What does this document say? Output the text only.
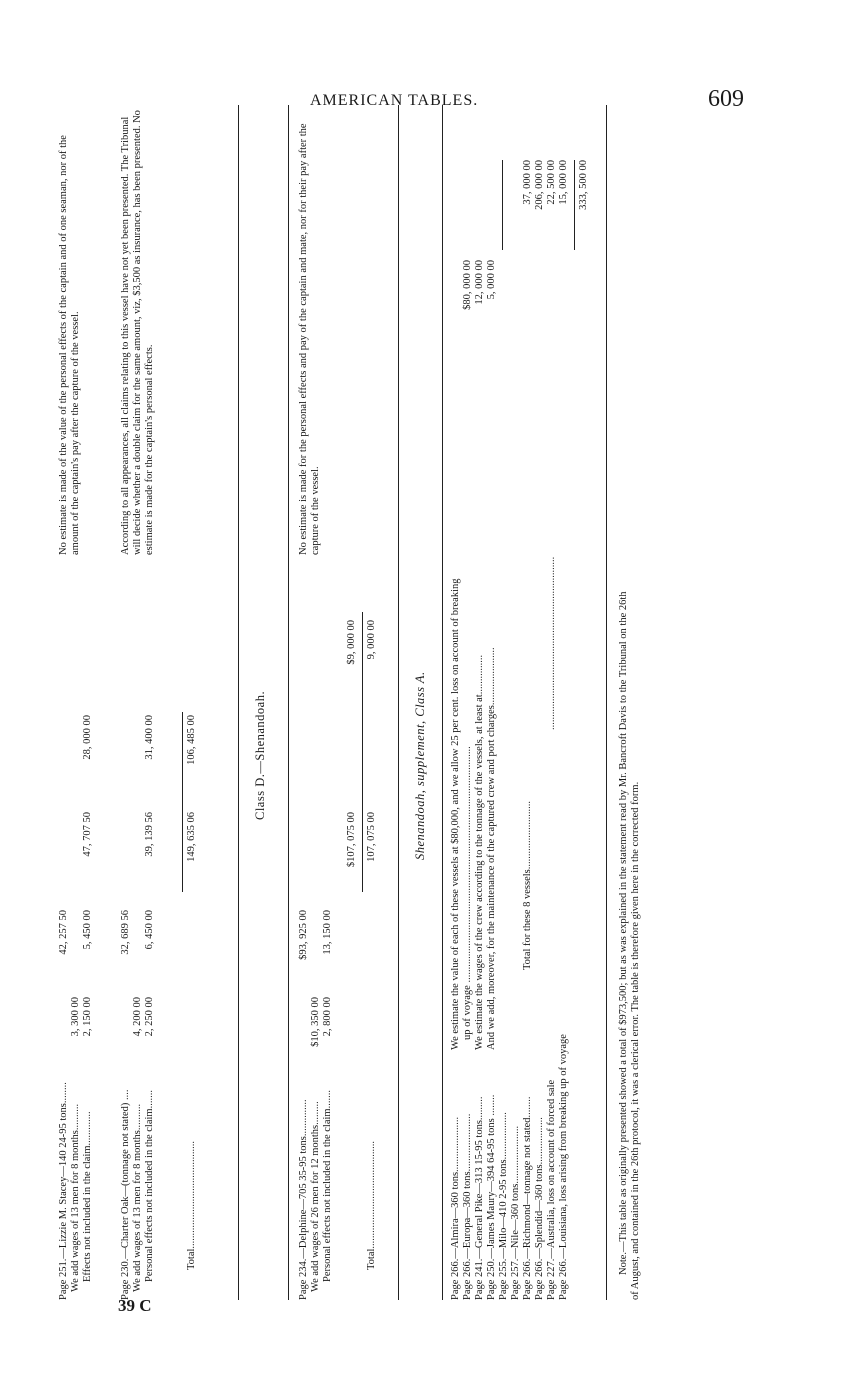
AMERICAN TABLES.	609
39 C
Page 251.—Lizzie M. Stacey—140 24-95 tons........ We add wages of 13 men for 8 months.......... Effects not included in the claim.............
3, 300 00 2, 150 00
42, 257 50 5, 450 00
47, 707 50
28, 000 00
No estimate is made of the value of the personal effects of the captain and of one seaman, nor of the amount of the captain's pay after the capture of the vessel.
Page 230.—Charter Oak—(tonnage not stated) .... We add wages of 13 men for 8 months.......... Personal effects not included in the claim.......
4, 200 00 2, 250 00
32, 689 56 6, 450 00
39, 139 56
31, 400 00
According to all appearances, all claims relating to this vessel have not yet been presented. The Tribunal will decide whether a double claim for the same amount, viz, $3,500 as insurance, has been presented. No estimate is made for the captain's personal effects.
Total.........................................
149, 635 06
106, 485 00	Class D.—Shenandoah.
Page 234.—Delphine—705 35-95 tons.............. We add wages of 26 men for 12 months......... Personal effects not included in the claim.......
$10, 350 00 2, 800 00
$93, 925 00 13, 150 00
$107, 075 00
$9, 000 00
No estimate is made for the personal effects and pay of the captain and mate, nor for their pay after the capture of the vessel.
Total.........................................
107, 075 00
9, 000 00
Shenandoah, supplement, Class A.
Page 266.—Almira—360 tons..................... Page 266.—Europa—360 tons...................... Page 241.—General Pike—313 15-95 tons......... Page 250.—James Maury—394 64-95 tons ........ Page 255.—Milo—410 2-95 tons.................. Page 257.—Nile—360 tons...................... Page 266.—Richmond—tonnage not stated........ Page 266.—Splendid—360 tons.................. Page 227.—Australia, loss on account of forced sale Page 266.—Louisiana, loss arising from breaking up of voyage
We estimate the value of each of these vessels at $80,000, and we allow 25 per cent. loss on account of breaking up of voyage .......................................................................................... We estimate the wages of the crew according to the tonnage of the vessels, at least at............... And we add, moreover, for the maintenance of the captured crew and port charges......................
$80, 000 00 12, 000 00 5, 000 00
37, 000 00
Total for these 8 vessels..........................
..................................................................
206, 000 00 22, 500 00 15, 000 00 333, 500 00
Note.—This table as originally presented showed a total of $973,500; but as was explained in the statement read by Mr. Bancroft Davis to the Tribunal on the 26th of August, and contained in the 26th protocol, it was a clerical error. The table is therefore given here in the corrected form.
